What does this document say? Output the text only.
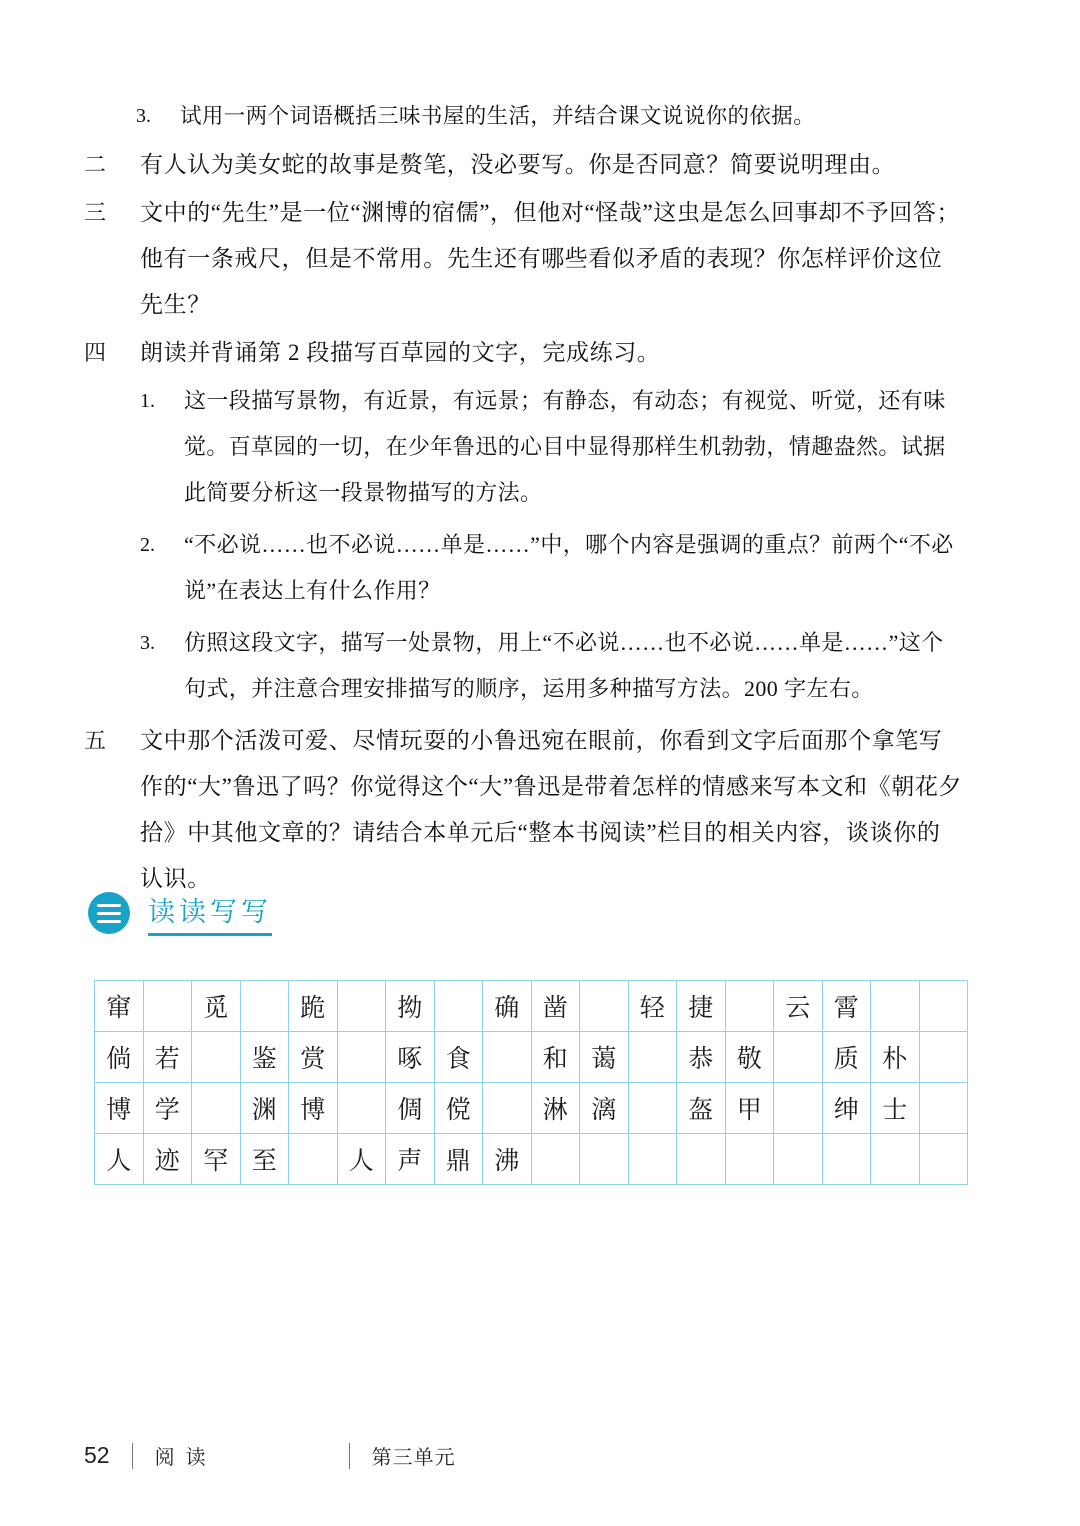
3.	试用一两个词语概括三味书屋的生活，并结合课文说说你的依据。
二	有人认为美女蛇的故事是赘笔，没必要写。你是否同意？简要说明理由。
三	文中的“先生”是一位“渊博的宿儒”，但他对“怪哉”这虫是怎么回事却不予回答；他有一条戒尺，但是不常用。先生还有哪些看似矛盾的表现？你怎样评价这位先生？
四	朗读并背诵第 2 段描写百草园的文字，完成练习。
1.	这一段描写景物，有近景，有远景；有静态，有动态；有视觉、听觉，还有味觉。百草园的一切，在少年鲁迅的心目中显得那样生机勃勃，情趣盎然。试据此简要分析这一段景物描写的方法。
2.	“不必说……也不必说……单是……”中，哪个内容是强调的重点？前两个“不必说”在表达上有什么作用？
3.	仿照这段文字，描写一处景物，用上“不必说……也不必说……单是……”这个句式，并注意合理安排描写的顺序，运用多种描写方法。200 字左右。
五	文中那个活泼可爱、尽情玩耍的小鲁迅宛在眼前，你看到文字后面那个拿笔写作的“大”鲁迅了吗？你觉得这个“大”鲁迅是带着怎样的情感来写本文和《朝花夕拾》中其他文章的？请结合本单元后“整本书阅读”栏目的相关内容，谈谈你的认识。
读读写写
窜		觅		跪		拗		确	凿		轻	捷		云	霄		
倘	若		鉴	赏		啄	食		和	蔼		恭	敬		质	朴	
博	学		渊	博		倜	傥		淋	漓		盔	甲		绅	士	
人	迹	罕	至		人	声	鼎	沸									
52 阅 读	第三单元
